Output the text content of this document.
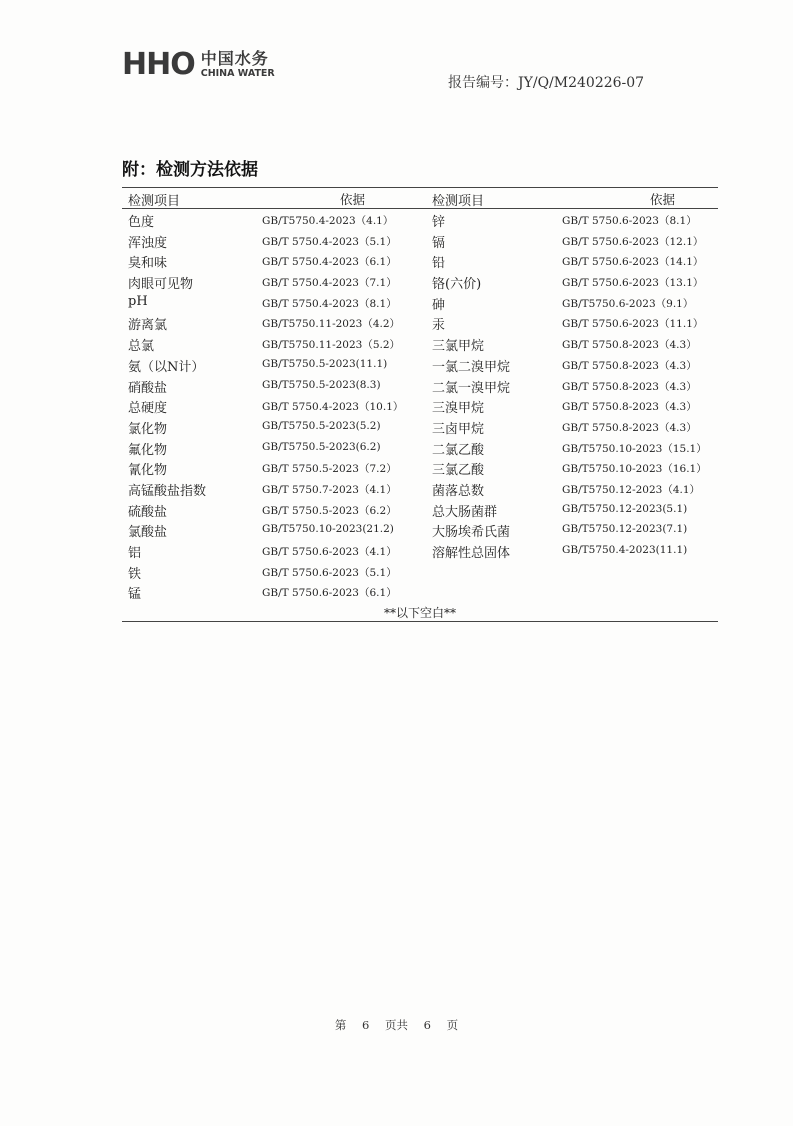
HHO 中国水务
CHINA WATER
报告编号：JY/Q/M240226-07
附：检测方法依据
检测项目	依据	检测项目	依据
色度	GB/T5750.4-2023（4.1）	锌	GB/T 5750.6-2023（8.1）
浑浊度	GB/T 5750.4-2023（5.1）	镉	GB/T 5750.6-2023（12.1）
臭和味	GB/T 5750.4-2023（6.1）	铅	GB/T 5750.6-2023（14.1）
肉眼可见物	GB/T 5750.4-2023（7.1）	铬(六价)	GB/T 5750.6-2023（13.1）
pH	GB/T 5750.4-2023（8.1）	砷	GB/T5750.6-2023（9.1）
游离氯	GB/T5750.11-2023（4.2） 汞	GB/T 5750.6-2023（11.1）
总氯	GB/T5750.11-2023（5.2） 三氯甲烷	GB/T 5750.8-2023（4.3）
氨（以N计）	GB/T5750.5-2023(11.1)	一氯二溴甲烷	GB/T 5750.8-2023（4.3）
硝酸盐	GB/T5750.5-2023(8.3)	二氯一溴甲烷	GB/T 5750.8-2023（4.3）
总硬度	GB/T 5750.4-2023（10.1） 三溴甲烷	GB/T 5750.8-2023（4.3）
氯化物	GB/T5750.5-2023(5.2)	三卤甲烷	GB/T 5750.8-2023（4.3）
氟化物	GB/T5750.5-2023(6.2)	二氯乙酸	GB/T5750.10-2023（15.1）
氰化物	GB/T 5750.5-2023（7.2）	三氯乙酸	GB/T5750.10-2023（16.1）
高锰酸盐指数	GB/T 5750.7-2023（4.1）	菌落总数	GB/T5750.12-2023（4.1）
硫酸盐	GB/T 5750.5-2023（6.2）	总大肠菌群	GB/T5750.12-2023(5.1)
氯酸盐	GB/T5750.10-2023(21.2)	大肠埃希氏菌	GB/T5750.12-2023(7.1)
铝	GB/T 5750.6-2023（4.1）	溶解性总固体	GB/T5750.4-2023(11.1)
铁	GB/T 5750.6-2023（5.1）
锰	GB/T 5750.6-2023（6.1）
**以下空白**
第 6 页共 6 页
